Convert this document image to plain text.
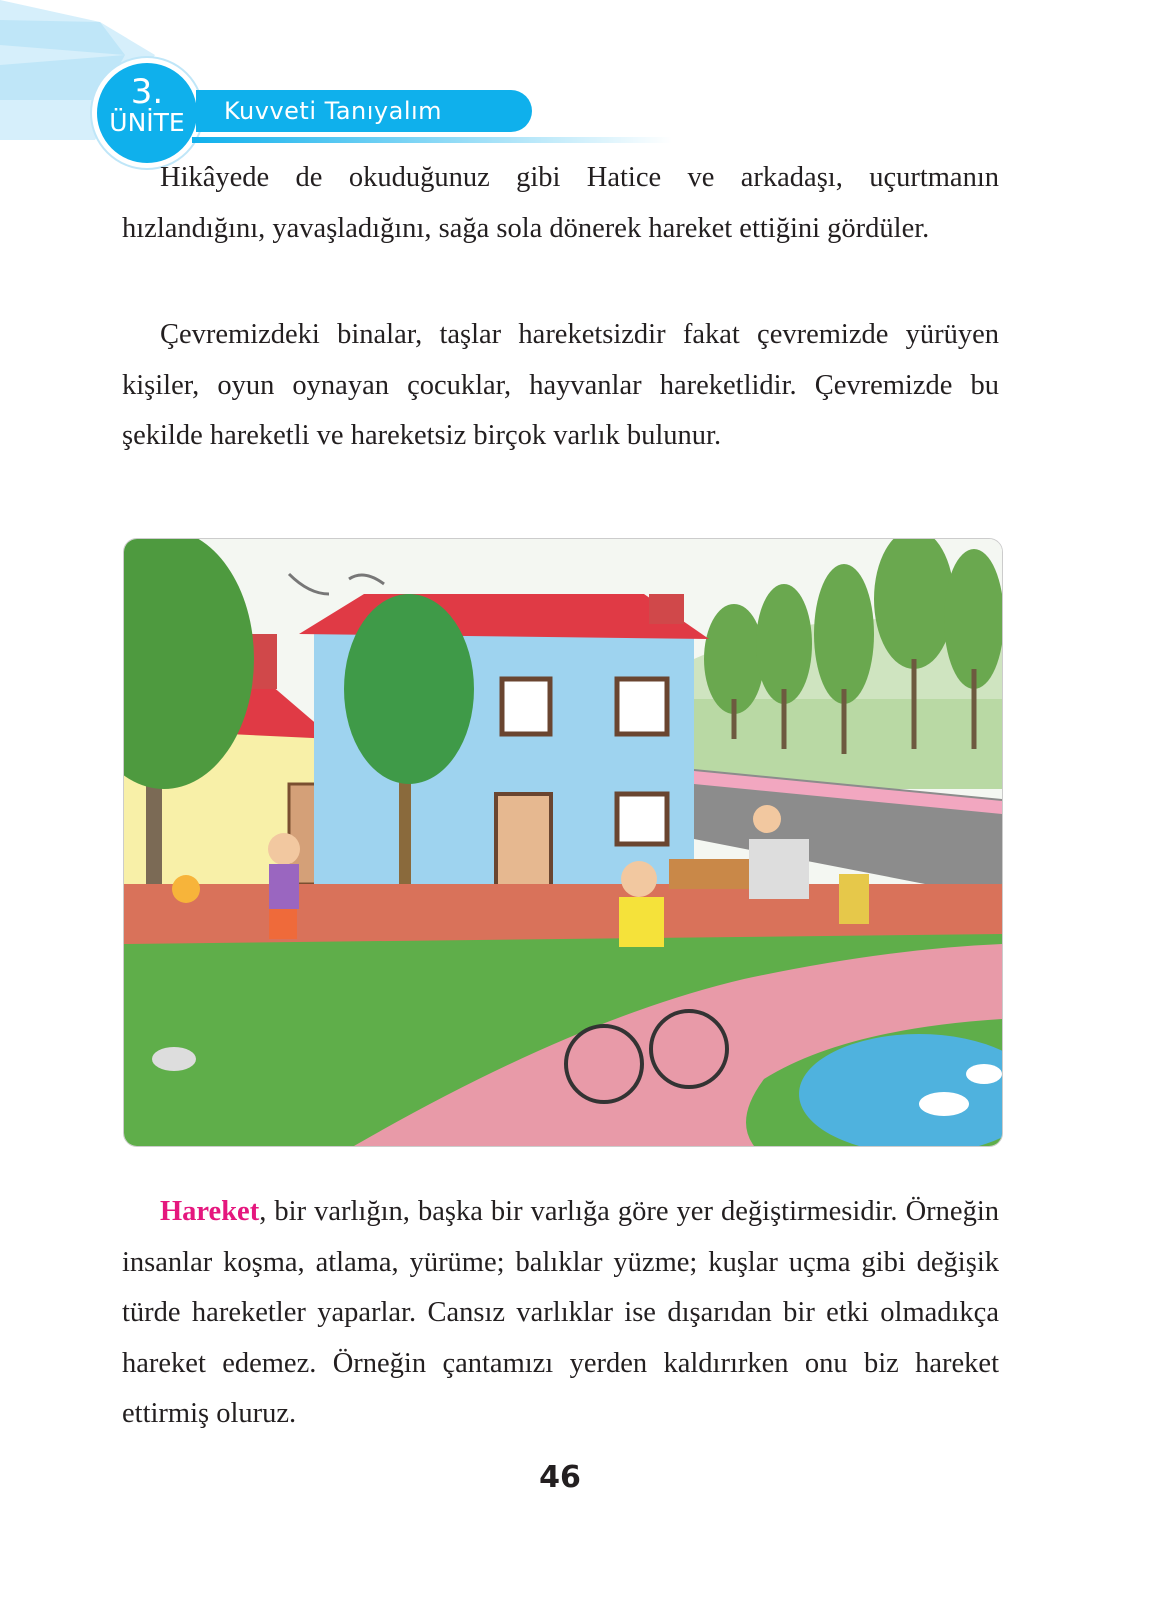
3.
ÜNİTE	Kuvveti Tanıyalım

Hikâyede de okuduğunuz gibi Hatice ve arkadaşı, uçurtmanın hızlandığını, yavaşladığını, sağa sola dönerek hareket ettiğini gördüler.

Çevremizdeki binalar, taşlar hareketsizdir fakat çevremizde yürüyen kişiler, oyun oynayan çocuklar, hayvanlar hareketlidir. Çevremizde bu şekilde hareketli ve hareketsiz birçok varlık bulunur.

Hareket, bir varlığın, başka bir varlığa göre yer değiştirmesidir. Örneğin insanlar koşma, atlama, yürüme; balıklar yüzme; kuşlar uçma gibi değişik türde hareketler yaparlar. Cansız varlıklar ise dışarıdan bir etki olmadıkça hareket edemez. Örneğin çantamızı yerden kaldırırken onu biz hareket ettirmiş oluruz.

46
